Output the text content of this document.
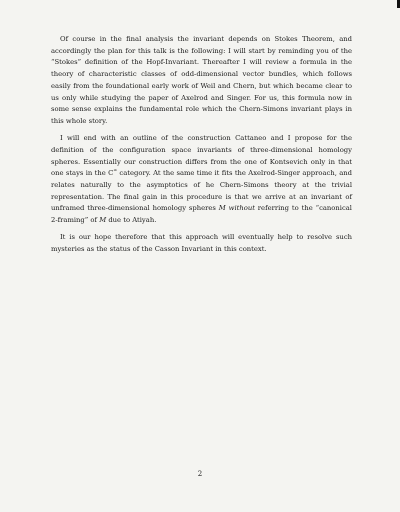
Of course in the final analysis the invariant depends on Stokes Theorem, and accordingly the plan for this talk is the following: I will start by reminding you of the “Stokes” definition of the Hopf-Invariant. Thereafter I will review a formula in the theory of characteristic classes of odd-dimensional vector bundles, which follows easily from the foundational early work of Weil and Chern, but which became clear to us only while studying the paper of Axelrod and Singer. For us, this formula now in some sense explains the fundamental role which the Chern-Simons invariant plays in this whole story.

I will end with an outline of the construction Cattaneo and I propose for the definition of the configuration space invariants of three-dimensional homology spheres. Essentially our construction differs from the one of Kontsevich only in that one stays in the C∞ category. At the same time it fits the Axelrod-Singer approach, and relates naturally to the asymptotics of he Chern-Simons theory at the trivial representation. The final gain in this procedure is that we arrive at an invariant of unframed three-dimensional homology spheres M without referring to the “canonical 2-framing” of M due to Atiyah.

It is our hope therefore that this approach will eventually help to resolve such mysteries as the status of the Casson Invariant in this context.

2
